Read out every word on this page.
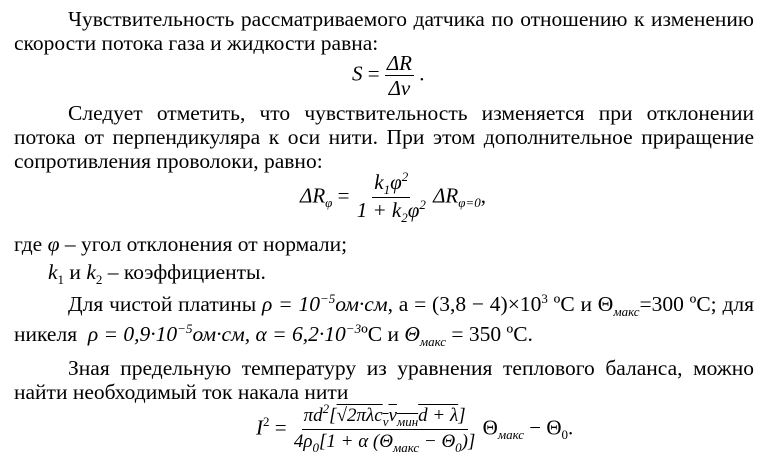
Чувствительность рассматриваемого датчика по отношению к изменению
скорости потока газа и жидкости равна:
$S = \frac{\Delta R}{\Delta v}$ .
Следует отметить, что чувствительность изменяется при отклонении
потока от перпендикуляра к оси нити. При этом дополнительное приращение
сопротивления проволоки, равно:
$\Delta R_\varphi = \frac{k_1\varphi^2}{1 + k_2\varphi^2} \Delta R_{\varphi=0}$,
где φ – угол отклонения от нормали;
$k_1$ и $k_2$ – коэффициенты.
Для чистой платины $\rho = 10^{-5}ом\cdot см$, $a = (3,8 - 4)\times 10^3$ ºС и $\Theta_{макс}=300$ ºС; для
никеля $\rho = 0,9\cdot 10^{-5}ом\cdot см$, $\alpha = 6,2\cdot 10^{-3}ºС$ и $\Theta_{макс} = 350$ ºС.
Зная предельную температуру из уравнения теплового баланса, можно
найти необходимый ток накала нити
$I^2 = \frac{\pi d^2[√2\pi\lambda c_vv_{мин}d + \lambda]}{4\rho_0[1 + \alpha (\Theta_{макс} - \Theta_0)]} \Theta_{макс} - \Theta_0$.
